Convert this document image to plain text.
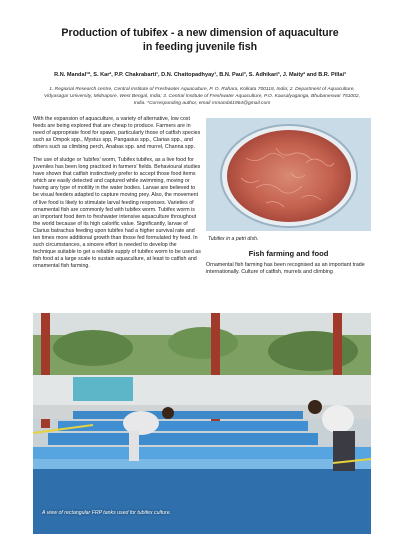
Production of tubifex - a new dimension of aquaculture
in feeding juvenile fish
R.N. Mandal¹*, S. Kar², P.P. Chakrabarti¹, D.N. Chattopadhyay¹, B.N. Paul³, S. Adhikari³, J. Maity² and B.R. Pillai³
1. Regional Research centre, Central Institute of Freshwater Aquaculture, P. O. Rahara, Kolkata 700118, India; 2. Department of Aquaculture, Vidyasagar University, Midnapore, West Bengal, India; 3. Central Institute of Freshwater Aquaculture, P.O. Kausalyaganga, Bhubaneswar 751002, India. *Corresponding author, email rnmandal1964@gmail.com

With the expansion of aquaculture, a variety of alternative, low cost feeds are being explored that are cheap to produce. Farmers are in need of appropriate food for spawn, particularly those of catfish species such as Ompok spp., Mystus spp, Pangasius spp., Clarias spp., and others such as climbing perch, Anabas spp. and murrel, Channa spp.

The use of sludge or ‘tubifex’ worm, Tubifex tubifex, as a live food for juveniles has been long practiced in farmers’ fields. Behavioural studies have shown that catfish instinctively prefer to accept those food items which are easily detected and captured while swimming, moving or having any type of motility in the water bodies. Larvae are believed to be visual feeders adapted to capture moving prey. Also, the movement of live food is likely to stimulate larval feeding responses. Varieties of ornamental fish are commonly fed with tubifex worm. Tubifex worm is an important food item to freshwater intensive aquaculture throughout the world because of its high calorific value. Significantly, larvae of Clarius batrachus feeding upon tubifex had a higher survival rate and ten times more additional growth than those fed formulated fry feed. In such circumstances, a sincere effort is needed to develop the technique suitable to get a reliable supply of tubifex worm to be used as fish food at a large scale to sustain aquaculture, at least to catfish and ornamental fish farming.

Tubifex in a petri dish.
Fish farming and food

Ornamental fish farming has been recognised as an important trade internationally. Culture of catfish, murrels and climbing

A view of rectangular FRP tanks used for tubifex culture.
